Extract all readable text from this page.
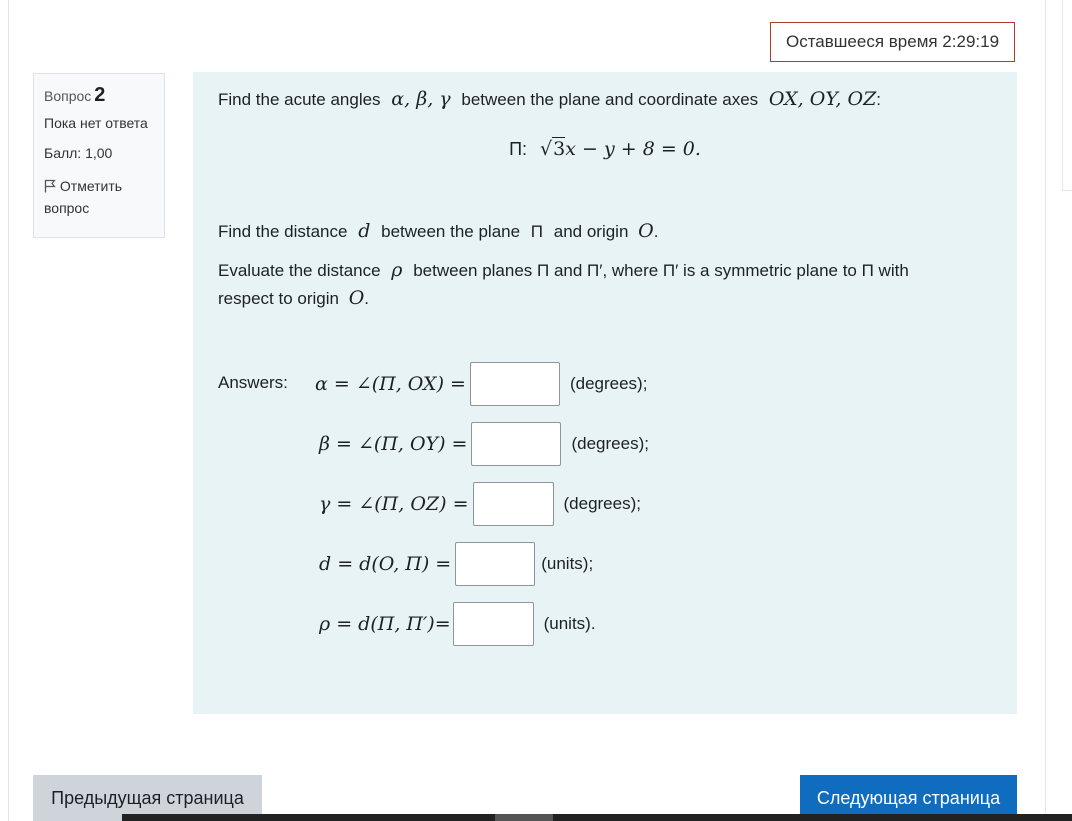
Оставшееся время 2:29:19
Вопрос 2
Пока нет ответа
Балл: 1,00
Отметить вопрос
Find the acute angles α, β, γ between the plane and coordinate axes OX, OY, OZ:
П: √3x − y + 8 = 0.
Find the distance d between the plane П and origin O.
Evaluate the distance ρ between planes П and П′, where П′ is a symmetric plane to П with
respect to origin O.
Answers: α = ∠(П, OX) =	(degrees);
β = ∠(П, OY) =	(degrees);
γ = ∠(П, OZ) =	(degrees);
d = d(O, П) =	(units);
ρ = d(П, П′)=	(units).
Предыдущая страница	Следующая страница
